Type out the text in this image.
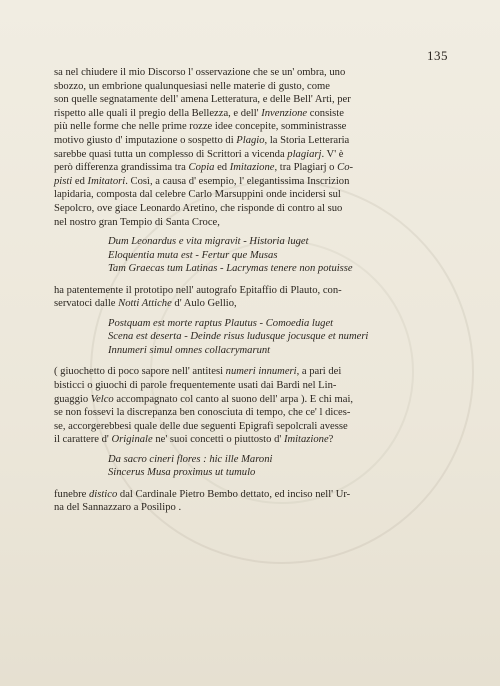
135

sa nel chiudere il mio Discorso l' osservazione che se un' ombra, uno
sbozzo, un embrione qualunquesiasi nelle materie di gusto, come
son quelle segnatamente dell' amena Letteratura, e delle Bell' Arti, per
rispetto alle quali il pregio della Bellezza, e dell' Invenzione consiste
più nelle forme che nelle prime rozze idee concepite, somministrasse
motivo giusto d' imputazione o sospetto di Plagio, la Storia Letteraria
sarebbe quasi tutta un complesso di Scrittori a vicenda plagiarj. V' è
però differenza grandissima tra Copia ed Imitazione, tra Plagiarj o Co-
pisti ed Imitatori. Così, a causa d' esempio, l' elegantissima Inscrizion
lapidaria, composta dal celebre Carlo Marsuppini onde incidersi sul
Sepolcro, ove giace Leonardo Aretino, che risponde di contro al suo
nel nostro gran Tempio di Santa Croce,

Dum Leonardus e vita migravit - Historia luget
Eloquentia muta est - Fertur que Musas
Tam Graecas tum Latinas - Lacrymas tenere non potuisse

ha patentemente il prototipo nell' autografo Epitaffio di Plauto, con-
servatoci dalle Notti Attiche d' Aulo Gellio,

Postquam est morte raptus Plautus - Comoedia luget
Scena est deserta - Deinde risus ludusque jocusque et numeri
Innumeri simul omnes collacrymarunt

( giuochetto di poco sapore nell' antitesi numeri innumeri, a pari dei
bisticci o giuochi di parole frequentemente usati dai Bardi nel Lin-
guaggio Velco accompagnato col canto al suono dell' arpa ). E chi mai,
se non fossevi la discrepanza ben conosciuta di tempo, che ce' l dices-
se, accorgerebbesi quale delle due seguenti Epigrafi sepolcrali avesse
il carattere d' Originale ne' suoi concetti o piuttosto d' Imitazione?

Da sacro cineri flores : hic ille Maroni
Sincerus Musa proximus ut tumulo

funebre distico dal Cardinale Pietro Bembo dettato, ed inciso nell' Ur-
na del Sannazzaro a Posilipo .
